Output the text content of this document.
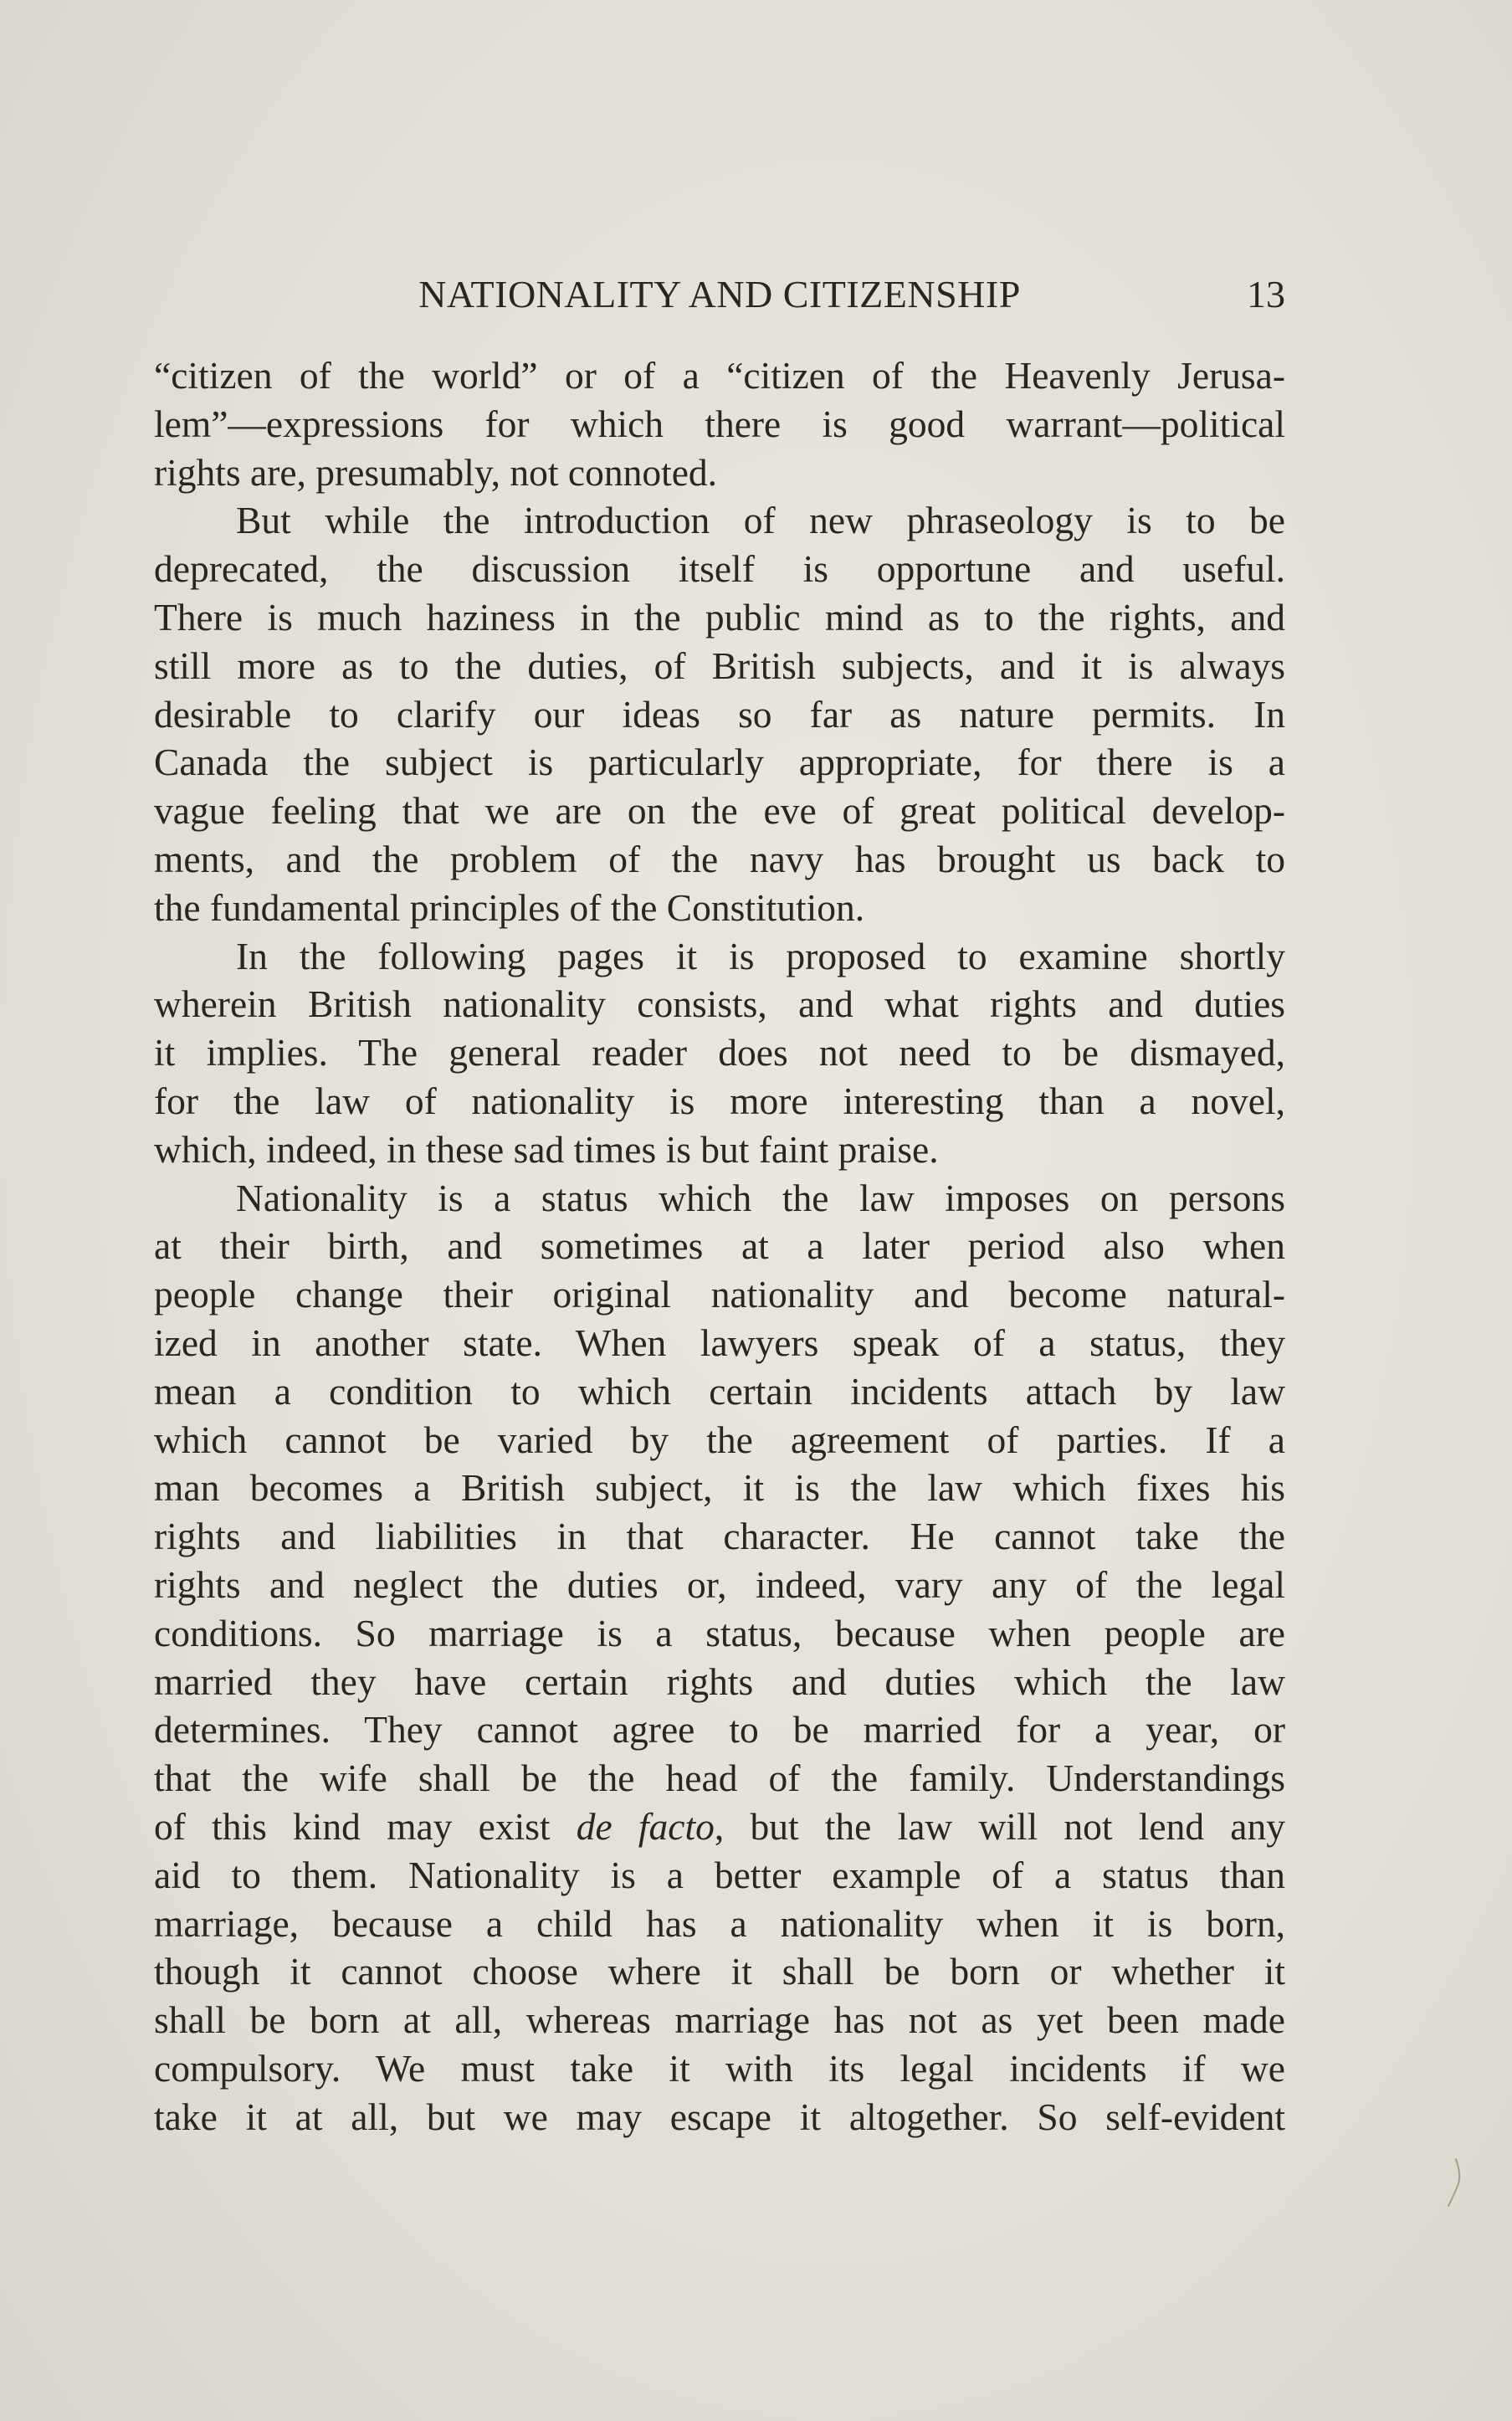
NATIONALITY AND CITIZENSHIP	13
“citizen of the world” or of a “citizen of the Heavenly Jerusa-
lem”—expressions for which there is good warrant—political
rights are, presumably, not connoted.
But while the introduction of new phraseology is to be
deprecated, the discussion itself is opportune and useful.
There is much haziness in the public mind as to the rights, and
still more as to the duties, of British subjects, and it is always
desirable to clarify our ideas so far as nature permits. In
Canada the subject is particularly appropriate, for there is a
vague feeling that we are on the eve of great political develop-
ments, and the problem of the navy has brought us back to
the fundamental principles of the Constitution.
In the following pages it is proposed to examine shortly
wherein British nationality consists, and what rights and duties
it implies. The general reader does not need to be dismayed,
for the law of nationality is more interesting than a novel,
which, indeed, in these sad times is but faint praise.
Nationality is a status which the law imposes on persons
at their birth, and sometimes at a later period also when
people change their original nationality and become natural-
ized in another state. When lawyers speak of a status, they
mean a condition to which certain incidents attach by law
which cannot be varied by the agreement of parties. If a
man becomes a British subject, it is the law which fixes his
rights and liabilities in that character. He cannot take the
rights and neglect the duties or, indeed, vary any of the legal
conditions. So marriage is a status, because when people are
married they have certain rights and duties which the law
determines. They cannot agree to be married for a year, or
that the wife shall be the head of the family. Understandings
of this kind may exist de facto, but the law will not lend any
aid to them. Nationality is a better example of a status than
marriage, because a child has a nationality when it is born,
though it cannot choose where it shall be born or whether it
shall be born at all, whereas marriage has not as yet been made
compulsory. We must take it with its legal incidents if we
take it at all, but we may escape it altogether. So self-evident
